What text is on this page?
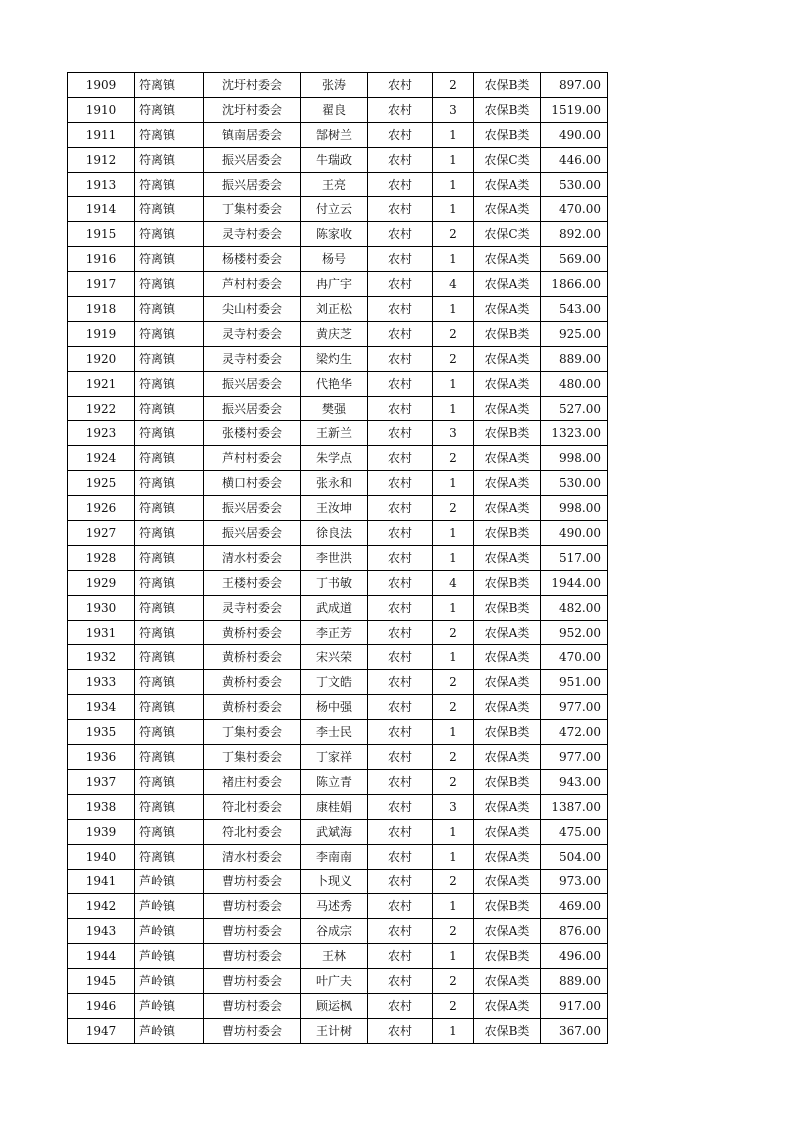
1909	符离镇	沈圩村委会	张涛	农村	2	农保B类	897.00
1910	符离镇	沈圩村委会	翟良	农村	3	农保B类	1519.00
1911	符离镇	镇南居委会	郜树兰	农村	1	农保B类	490.00
1912	符离镇	振兴居委会	牛瑞政	农村	1	农保C类	446.00
1913	符离镇	振兴居委会	王亮	农村	1	农保A类	530.00
1914	符离镇	丁集村委会	付立云	农村	1	农保A类	470.00
1915	符离镇	灵寺村委会	陈家收	农村	2	农保C类	892.00
1916	符离镇	杨楼村委会	杨号	农村	1	农保A类	569.00
1917	符离镇	芦村村委会	冉广宇	农村	4	农保A类	1866.00
1918	符离镇	尖山村委会	刘正松	农村	1	农保A类	543.00
1919	符离镇	灵寺村委会	黄庆芝	农村	2	农保B类	925.00
1920	符离镇	灵寺村委会	梁灼生	农村	2	农保A类	889.00
1921	符离镇	振兴居委会	代艳华	农村	1	农保A类	480.00
1922	符离镇	振兴居委会	樊强	农村	1	农保A类	527.00
1923	符离镇	张楼村委会	王新兰	农村	3	农保B类	1323.00
1924	符离镇	芦村村委会	朱学点	农村	2	农保A类	998.00
1925	符离镇	横口村委会	张永和	农村	1	农保A类	530.00
1926	符离镇	振兴居委会	王汝坤	农村	2	农保A类	998.00
1927	符离镇	振兴居委会	徐良法	农村	1	农保B类	490.00
1928	符离镇	清水村委会	李世洪	农村	1	农保A类	517.00
1929	符离镇	王楼村委会	丁书敏	农村	4	农保B类	1944.00
1930	符离镇	灵寺村委会	武成道	农村	1	农保B类	482.00
1931	符离镇	黄桥村委会	李正芳	农村	2	农保A类	952.00
1932	符离镇	黄桥村委会	宋兴荣	农村	1	农保A类	470.00
1933	符离镇	黄桥村委会	丁文皓	农村	2	农保A类	951.00
1934	符离镇	黄桥村委会	杨中强	农村	2	农保A类	977.00
1935	符离镇	丁集村委会	李士民	农村	1	农保B类	472.00
1936	符离镇	丁集村委会	丁家祥	农村	2	农保A类	977.00
1937	符离镇	褚庄村委会	陈立青	农村	2	农保B类	943.00
1938	符离镇	符北村委会	康桂娟	农村	3	农保A类	1387.00
1939	符离镇	符北村委会	武斌海	农村	1	农保A类	475.00
1940	符离镇	清水村委会	李南南	农村	1	农保A类	504.00
1941	芦岭镇	曹坊村委会	卜现义	农村	2	农保A类	973.00
1942	芦岭镇	曹坊村委会	马述秀	农村	1	农保B类	469.00
1943	芦岭镇	曹坊村委会	谷成宗	农村	2	农保A类	876.00
1944	芦岭镇	曹坊村委会	王林	农村	1	农保B类	496.00
1945	芦岭镇	曹坊村委会	叶广夫	农村	2	农保A类	889.00
1946	芦岭镇	曹坊村委会	顾运枫	农村	2	农保A类	917.00
1947	芦岭镇	曹坊村委会	王计树	农村	1	农保B类	367.00
